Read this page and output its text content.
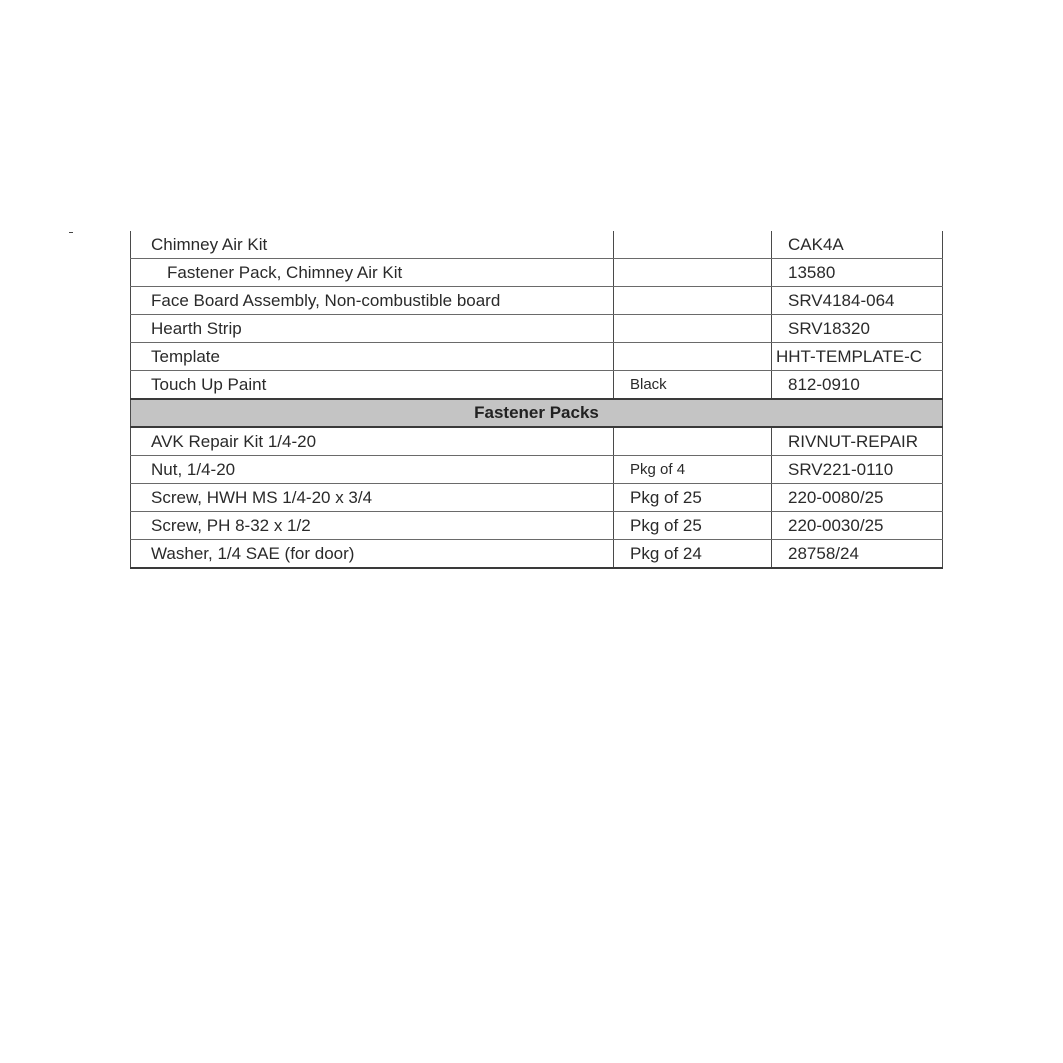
Chimney Air Kit		CAK4A
Fastener Pack, Chimney Air Kit		13580
Face Board Assembly, Non-combustible board		SRV4184-064
Hearth Strip		SRV18320
Template		HHT-TEMPLATE-C
Touch Up Paint	Black	812-0910
Fastener Packs		
AVK Repair Kit 1/4-20		RIVNUT-REPAIR
Nut, 1/4-20	Pkg of 4	SRV221-0110
Screw, HWH MS 1/4-20 x 3/4	Pkg of 25	220-0080/25
Screw, PH 8-32 x 1/2	Pkg of 25	220-0030/25
Washer, 1/4 SAE (for door)	Pkg of 24	28758/24
